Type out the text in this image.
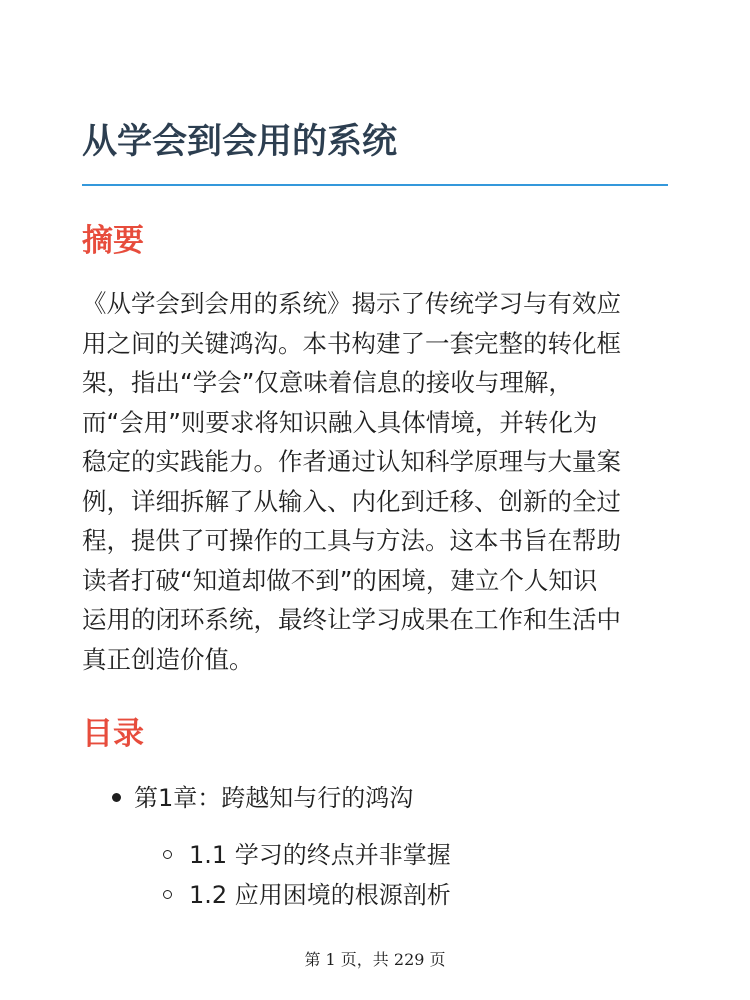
从学会到会用的系统
摘要
《从学会到会用的系统》揭示了传统学习与有效应
用之间的关键鸿沟。本书构建了一套完整的转化框
架，指出“学会”仅意味着信息的接收与理解，
而“会用”则要求将知识融入具体情境，并转化为
稳定的实践能力。作者通过认知科学原理与大量案
例，详细拆解了从输入、内化到迁移、创新的全过
程，提供了可操作的工具与方法。这本书旨在帮助
读者打破“知道却做不到”的困境，建立个人知识
运用的闭环系统，最终让学习成果在工作和生活中
真正创造价值。
目录
第1章：跨越知与行的鸿沟
1.1 学习的终点并非掌握
1.2 应用困境的根源剖析
第 1 页，共 229 页
